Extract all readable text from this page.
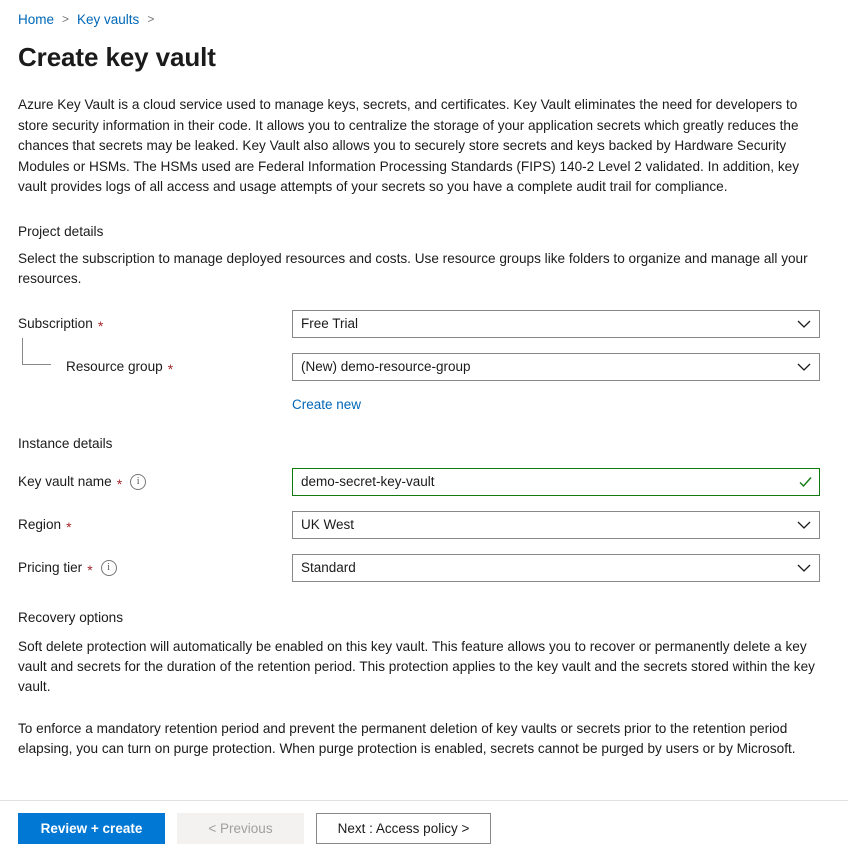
Home > Key vaults >
Create key vault
Azure Key Vault is a cloud service used to manage keys, secrets, and certificates. Key Vault eliminates the need for developers to store security information in their code. It allows you to centralize the storage of your application secrets which greatly reduces the chances that secrets may be leaked. Key Vault also allows you to securely store secrets and keys backed by Hardware Security Modules or HSMs. The HSMs used are Federal Information Processing Standards (FIPS) 140-2 Level 2 validated. In addition, key vault provides logs of all access and usage attempts of your secrets so you have a complete audit trail for compliance.
Project details
Select the subscription to manage deployed resources and costs. Use resource groups like folders to organize and manage all your resources.
Subscription *	Free Trial
Resource group *	(New) demo-resource-group
Create new
Instance details
Key vault name *	i	demo-secret-key-vault
Region *	UK West
Pricing tier *	i	Standard
Recovery options
Soft delete protection will automatically be enabled on this key vault. This feature allows you to recover or permanently delete a key vault and secrets for the duration of the retention period. This protection applies to the key vault and the secrets stored within the key vault.
To enforce a mandatory retention period and prevent the permanent deletion of key vaults or secrets prior to the retention period elapsing, you can turn on purge protection. When purge protection is enabled, secrets cannot be purged by users or by Microsoft.
Review + create	< Previous	Next : Access policy >
